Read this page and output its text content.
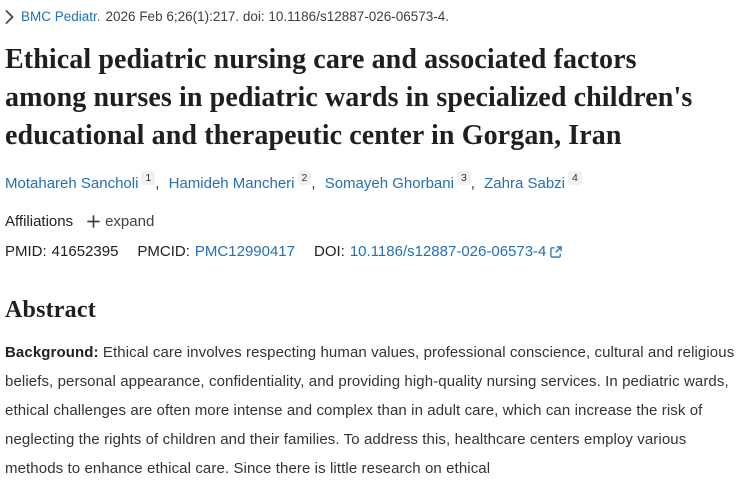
BMC Pediatr. 2026 Feb 6;26(1):217. doi: 10.1186/s12887-026-06573-4.
Ethical pediatric nursing care and associated factors among nurses in pediatric wards in specialized children's educational and therapeutic center in Gorgan, Iran
Motahareh Sancholi 1 , Hamideh Mancheri 2 , Somayeh Ghorbani 3 , Zahra Sabzi 4
Affiliations expand
PMID: 41652395 PMCID: PMC12990417 DOI: 10.1186/s12887-026-06573-4
Abstract

Background: Ethical care involves respecting human values, professional conscience, cultural and religious beliefs, personal appearance, confidentiality, and providing high-quality nursing services. In pediatric wards, ethical challenges are often more intense and complex than in adult care, which can increase the risk of neglecting the rights of children and their families. To address this, healthcare centers employ various methods to enhance ethical care. Since there is little research on ethical
